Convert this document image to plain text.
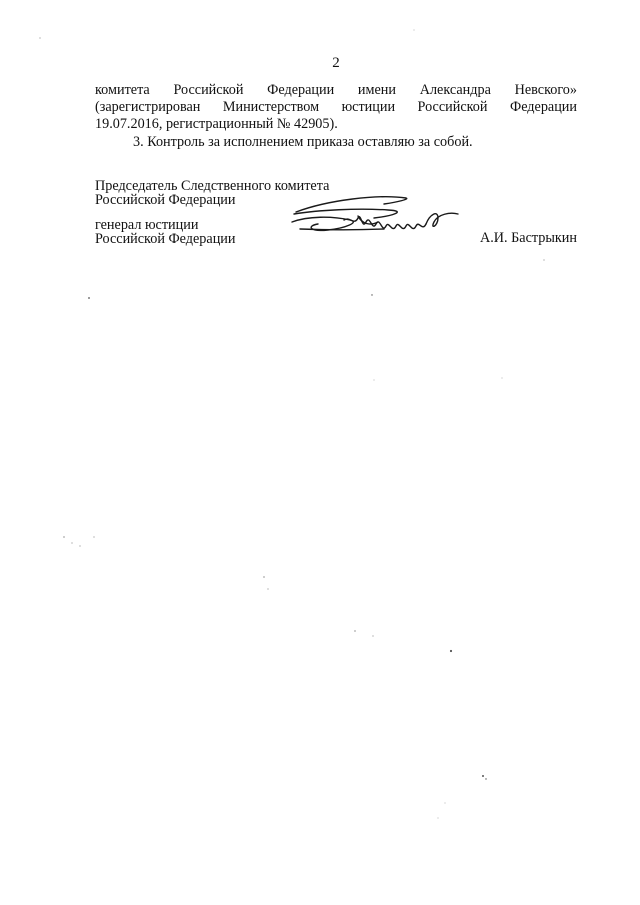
2

комитета Российской Федерации имени Александра Невского»
(зарегистрирован Министерством юстиции Российской Федерации
19.07.2016, регистрационный № 42905).

3. Контроль за исполнением приказа оставляю за собой.

Председатель Следственного комитета
Российской Федерации
генерал юстиции
Российской Федерации	А.И. Бастрыкин
